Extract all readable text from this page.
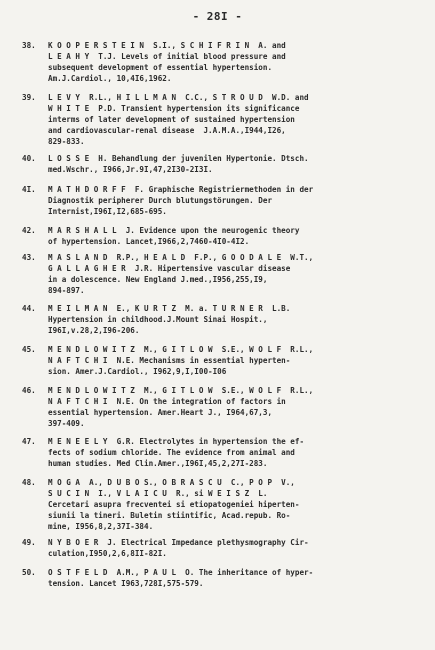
- 28I -
38.	K O O P E R S T E I N  S.I., S C H I F R I N  A. and
L E A H Y  T.J. Levels of initial blood pressure and
subsequent development of essential hypertension.
Am.J.Cardiol., 10,4I6,1962.
39.	L E V Y  R.L., H I L L M A N  C.C., S T R O U D  W.D. and
W H I T E  P.D. Transient hypertension its significance
interms of later development of sustained hypertension
and cardiovascular-renal disease  J.A.M.A.,I944,I26,
829-833.
40.	L O S S E  H. Behandlung der juvenilen Hypertonie. Dtsch.
med.Wschr., I966,Jr.9I,47,2I30-2I3I.
4I.	M A T H D O R F F  F. Graphische Registriermethoden in der
Diagnostik peripherer Durch blutungstörungen. Der
Internist,I96I,I2,685-695.
42.	M A R S H A L L  J. Evidence upon the neurogenic theory
of hypertension. Lancet,I966,2,7460-4I0-4I2.
43.	M A S L A N D  R.P., H E A L D  F.P., G O O D A L E  W.T.,
G A L L A G H E R  J.R. Hipertensive vascular disease
in a dolescence. New England J.med.,I956,255,I9,
894-897.
44.	M E I L M A N  E., K U R T Z  M. a. T U R N E R  L.B.
Hypertension in childhood.J.Mount Sinai Hospit.,
I96I,v.28,2,I96-206.
45.	M E N D L O W I T Z  M., G I T L O W  S.E., W O L F  R.L.,
N A F T C H I  N.E. Mechanisms in essential hyperten-
sion. Amer.J.Cardiol., I962,9,I,I00-I06
46.	M E N D L O W I T Z  M., G I T L O W  S.E., W O L F  R.L.,
N A F T C H I  N.E. On the integration of factors in
essential hypertension. Amer.Heart J., I964,67,3,
397-409.
47.	M E N E E L Y  G.R. Electrolytes in hypertension the ef-
fects of sodium chloride. The evidence from animal and
human studies. Med Clin.Amer.,I96I,45,2,27I-283.
48.	M O G A  A., D U B O S., O B R A S C U  C., P O P  V.,
S U C I N  I., V L A I C U  R., si W E I S Z  L.
Cercetari asupra frecventei si etiopatogeniei hiperten-
siunii la tineri. Buletin stiintific, Acad.repub. Ro-
mine, I956,8,2,37I-384.
49.	N Y B O E R  J. Electrical Impedance plethysmography Cir-
culation,I950,2,6,8II-82I.
50.	O S T F E L D  A.M., P A U L  O. The inheritance of hyper-
tension. Lancet I963,728I,575-579.
